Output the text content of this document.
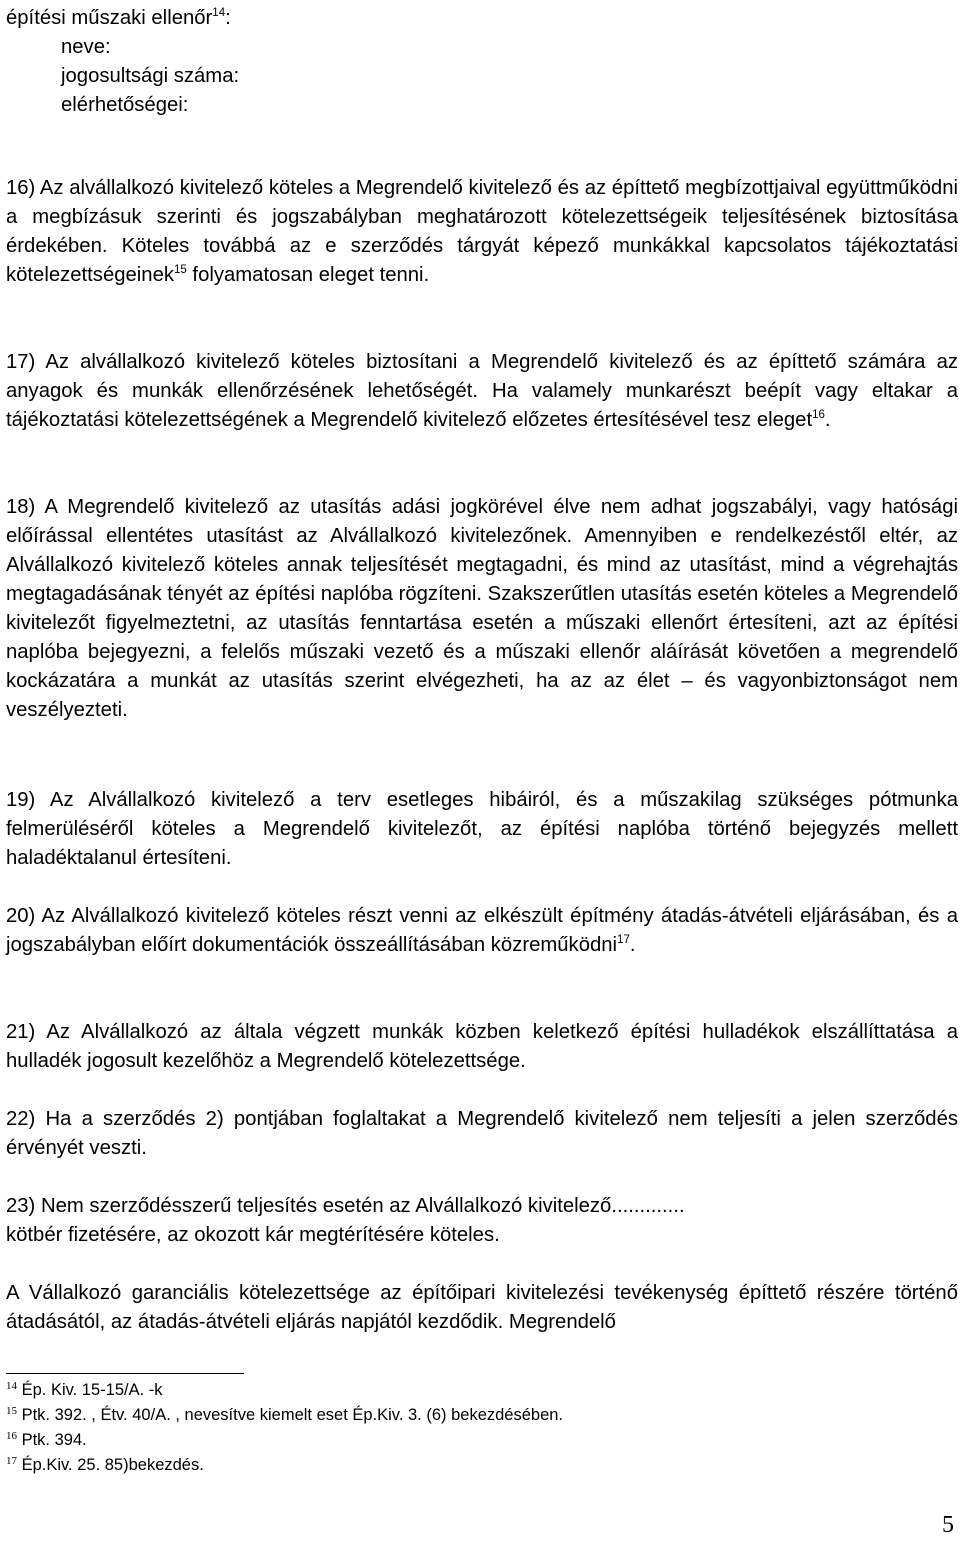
építési műszaki ellenőr$^{14}$:
neve:
jogosultsági száma:
elérhetőségei:

16) Az alvállalkozó kivitelező köteles a Megrendelő kivitelező és az építtető megbízottjaival együttműködni a megbízásuk szerinti és jogszabályban meghatározott kötelezettségeik teljesítésének biztosítása érdekében. Köteles továbbá az e szerződés tárgyát képező munkákkal kapcsolatos tájékoztatási kötelezettségeinek$^{15}$ folyamatosan eleget tenni.

17) Az alvállalkozó kivitelező köteles biztosítani a Megrendelő kivitelező és az építtető számára az anyagok és munkák ellenőrzésének lehetőségét. Ha valamely munkarészt beépít vagy eltakar a tájékoztatási kötelezettségének a Megrendelő kivitelező előzetes értesítésével tesz eleget$^{16}$.

18) A Megrendelő kivitelező az utasítás adási jogkörével élve nem adhat jogszabályi, vagy hatósági előírással ellentétes utasítást az Alvállalkozó kivitelezőnek. Amennyiben e rendelkezéstől eltér, az Alvállalkozó kivitelező köteles annak teljesítését megtagadni, és mind az utasítást, mind a végrehajtás megtagadásának tényét az építési naplóba rögzíteni. Szakszerűtlen utasítás esetén köteles a Megrendelő kivitelezőt figyelmeztetni, az utasítás fenntartása esetén a műszaki ellenőrt értesíteni, azt az építési naplóba bejegyezni, a felelős műszaki vezető és a műszaki ellenőr aláírását követően a megrendelő kockázatára a munkát az utasítás szerint elvégezheti, ha az az élet – és vagyonbiztonságot nem veszélyezteti.

19) Az Alvállalkozó kivitelező a terv esetleges hibáiról, és a műszakilag szükséges pótmunka felmerüléséről köteles a Megrendelő kivitelezőt, az építési naplóba történő bejegyzés mellett haladéktalanul értesíteni.

20) Az Alvállalkozó kivitelező köteles részt venni az elkészült építmény átadás-átvételi eljárásában, és a jogszabályban előírt dokumentációk összeállításában közreműködni$^{17}$.

21) Az Alvállalkozó az általa végzett munkák közben keletkező építési hulladékok elszállíttatása a hulladék jogosult kezelőhöz a Megrendelő kötelezettsége.

22) Ha a szerződés 2) pontjában foglaltakat a Megrendelő kivitelező nem teljesíti a jelen szerződés érvényét veszti.

23) Nem szerződésszerű teljesítés esetén az Alvállalkozó kivitelező.............
kötbér fizetésére, az okozott kár megtérítésére köteles.

A Vállalkozó garanciális kötelezettsége az építőipari kivitelezési tevékenység építtető részére történő átadásától, az átadás-átvételi eljárás napjától kezdődik. Megrendelő

$^{14}$ Ép. Kiv. 15-15/A. -k
$^{15}$ Ptk. 392. , Étv. 40/A. , nevesítve kiemelt eset Ép.Kiv. 3. (6) bekezdésében.
$^{16}$ Ptk. 394.
$^{17}$ Ép.Kiv. 25. 85)bekezdés.
5
